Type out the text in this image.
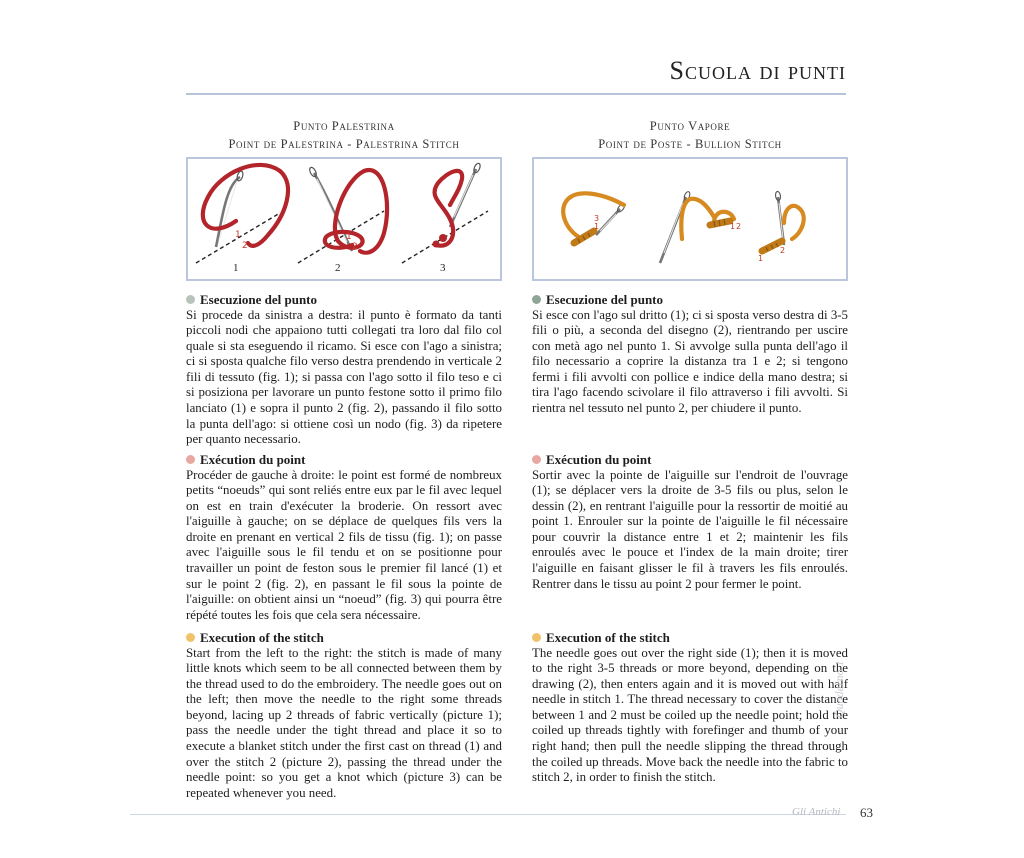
Scuola di punti
Punto Palestrina
Point de Palestrina - Palestrina Stitch
1
2
1
1
2
2	3
Esecuzione del punto

Si procede da sinistra a destra: il punto è formato da tanti piccoli nodi che appaiono tutti collegati tra loro dal filo col quale si sta eseguendo il ricamo. Si esce con l'ago a sinistra; ci si sposta qualche filo verso destra prendendo in verticale 2 fili di tessuto (fig. 1); si passa con l'ago sotto il filo teso e ci si posiziona per lavorare un punto festone sotto il primo filo lanciato (1) e sopra il punto 2 (fig. 2), passando il filo sotto la punta dell'ago: si ottiene così un nodo (fig. 3) da ripetere per quanto necessario.

Exécution du point

Procéder de gauche à droite: le point est formé de nombreux petits “noeuds” qui sont reliés entre eux par le fil avec lequel on est en train d'exécuter la broderie. On ressort avec l'aiguille à gauche; on se déplace de quelques fils vers la droite en prenant en vertical 2 fils de tissu (fig. 1); on passe avec l'aiguille sous le fil tendu et on se positionne pour travailler un point de feston sous le premier fil lancé (1) et sur le point 2 (fig. 2), en passant le fil sous la pointe de l'aiguille: on obtient ainsi un “noeud” (fig. 3) qui pourra être répété toutes les fois que cela sera nécessaire.

Execution of the stitch

Start from the left to the right: the stitch is made of many little knots which seem to be all connected between them by the thread used to do the embroidery. The needle goes out on the left; then move the needle to the right some threads beyond, lacing up 2 threads of fabric vertically (picture 1); pass the needle under the tight thread and place it so to execute a blanket stitch under the first cast on thread (1) and over the stitch 2 (picture 2), passing the thread under the needle point: so you get a knot which (picture 3) can be repeated whenever you need.

Punto Vapore
Point de Poste - Bullion Stitch
3
1	1 2
1
2
Esecuzione del punto

Si esce con l'ago sul dritto (1); ci si sposta verso destra di 3-5 fili o più, a seconda del disegno (2), rientrando per uscire con metà ago nel punto 1. Si avvolge sulla punta dell'ago il filo necessario a coprire la distanza tra 1 e 2; si tengono fermi i fili avvolti con pollice e indice della mano destra; si tira l'ago facendo scivolare il filo attraverso i fili avvolti. Si rientra nel tessuto nel punto 2, per chiudere il punto.

Exécution du point

Sortir avec la pointe de l'aiguille sur l'endroit de l'ouvrage (1); se déplacer vers la droite de 3-5 fils ou plus, selon le dessin (2), en rentrant l'aiguille pour la ressortir de moitié au point 1. Enrouler sur la pointe de l'aiguille le fil nécessaire pour couvrir la distance entre 1 et 2; maintenir les fils enroulés avec le pouce et l'index de la main droite; tirer l'aiguille en faisant glisser le fil à travers les fils enroulés. Rentrer dans le tissu au point 2 pour fermer le point.

Execution of the stitch

The needle goes out over the right side (1); then it is moved to the right 3-5 threads or more beyond, depending on the drawing (2), then enters again and it is moved out with half needle in stitch 1. The thread necessary to cover the distance between 1 and 2 must be coiled up the needle point; hold the coiled up threads tightly with forefinger and thumb of your right hand; then pull the needle slipping the thread through the coiled up threads. Move back the needle into the fabric to stitch 2, in order to finish the stitch.

Quaderno 1
Gli Antichi 63
